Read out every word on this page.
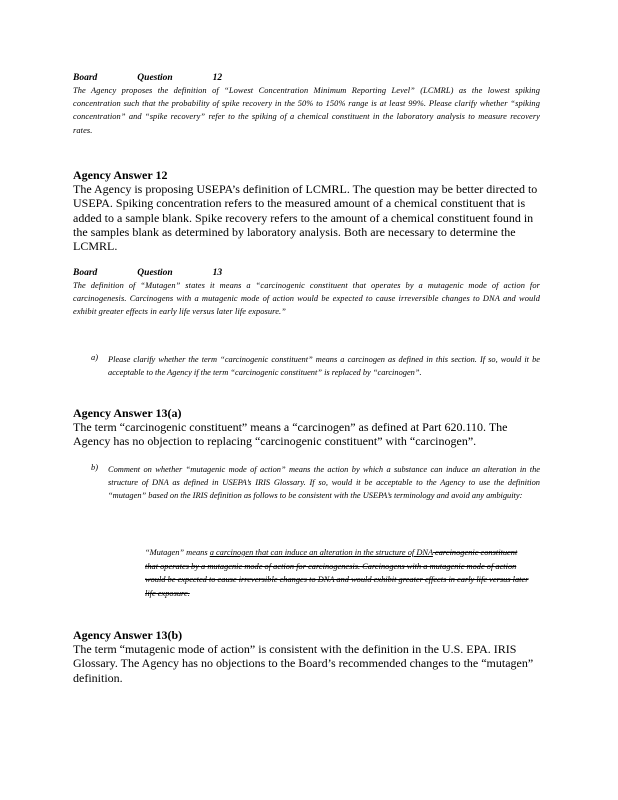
Board	Question	12
The Agency proposes the definition of “Lowest Concentration Minimum Reporting Level” (LCMRL) as the lowest spiking concentration such that the probability of spike recovery in the 50% to 150% range is at least 99%. Please clarify whether “spiking concentration” and “spike recovery” refer to the spiking of a chemical constituent in the laboratory analysis to measure recovery rates.
Agency Answer 12
The Agency is proposing USEPA’s definition of LCMRL. The question may be better directed to USEPA. Spiking concentration refers to the measured amount of a chemical constituent that is added to a sample blank. Spike recovery refers to the amount of a chemical constituent found in the samples blank as determined by laboratory analysis. Both are necessary to determine the LCMRL.
Board	Question	13
The definition of “Mutagen” states it means a “carcinogenic constituent that operates by a mutagenic mode of action for carcinogenesis. Carcinogens with a mutagenic mode of action would be expected to cause irreversible changes to DNA and would exhibit greater effects in early life versus later life exposure.”
a) Please clarify whether the term “carcinogenic constituent” means a carcinogen as defined in this section. If so, would it be acceptable to the Agency if the term “carcinogenic constituent” is replaced by “carcinogen”.
Agency Answer 13(a)
The term “carcinogenic constituent” means a “carcinogen” as defined at Part 620.110. The Agency has no objection to replacing “carcinogenic constituent” with “carcinogen”.
b) Comment on whether “mutagenic mode of action” means the action by which a substance can induce an alteration in the structure of DNA as defined in USEPA’s IRIS Glossary. If so, would it be acceptable to the Agency to use the definition “mutagen” based on the IRIS definition as follows to be consistent with the USEPA’s terminology and avoid any ambiguity:
“Mutagen” means a carcinogen that can induce an alteration in the structure of DNA carcinogenic constituent that operates by a mutagenic mode of action for carcinogenesis. Carcinogens with a mutagenic mode of action would be expected to cause irreversible changes to DNA and would exhibit greater effects in early life versus later life exposure.
Agency Answer 13(b)
The term “mutagenic mode of action” is consistent with the definition in the U.S. EPA. IRIS Glossary. The Agency has no objections to the Board’s recommended changes to the “mutagen” definition.
